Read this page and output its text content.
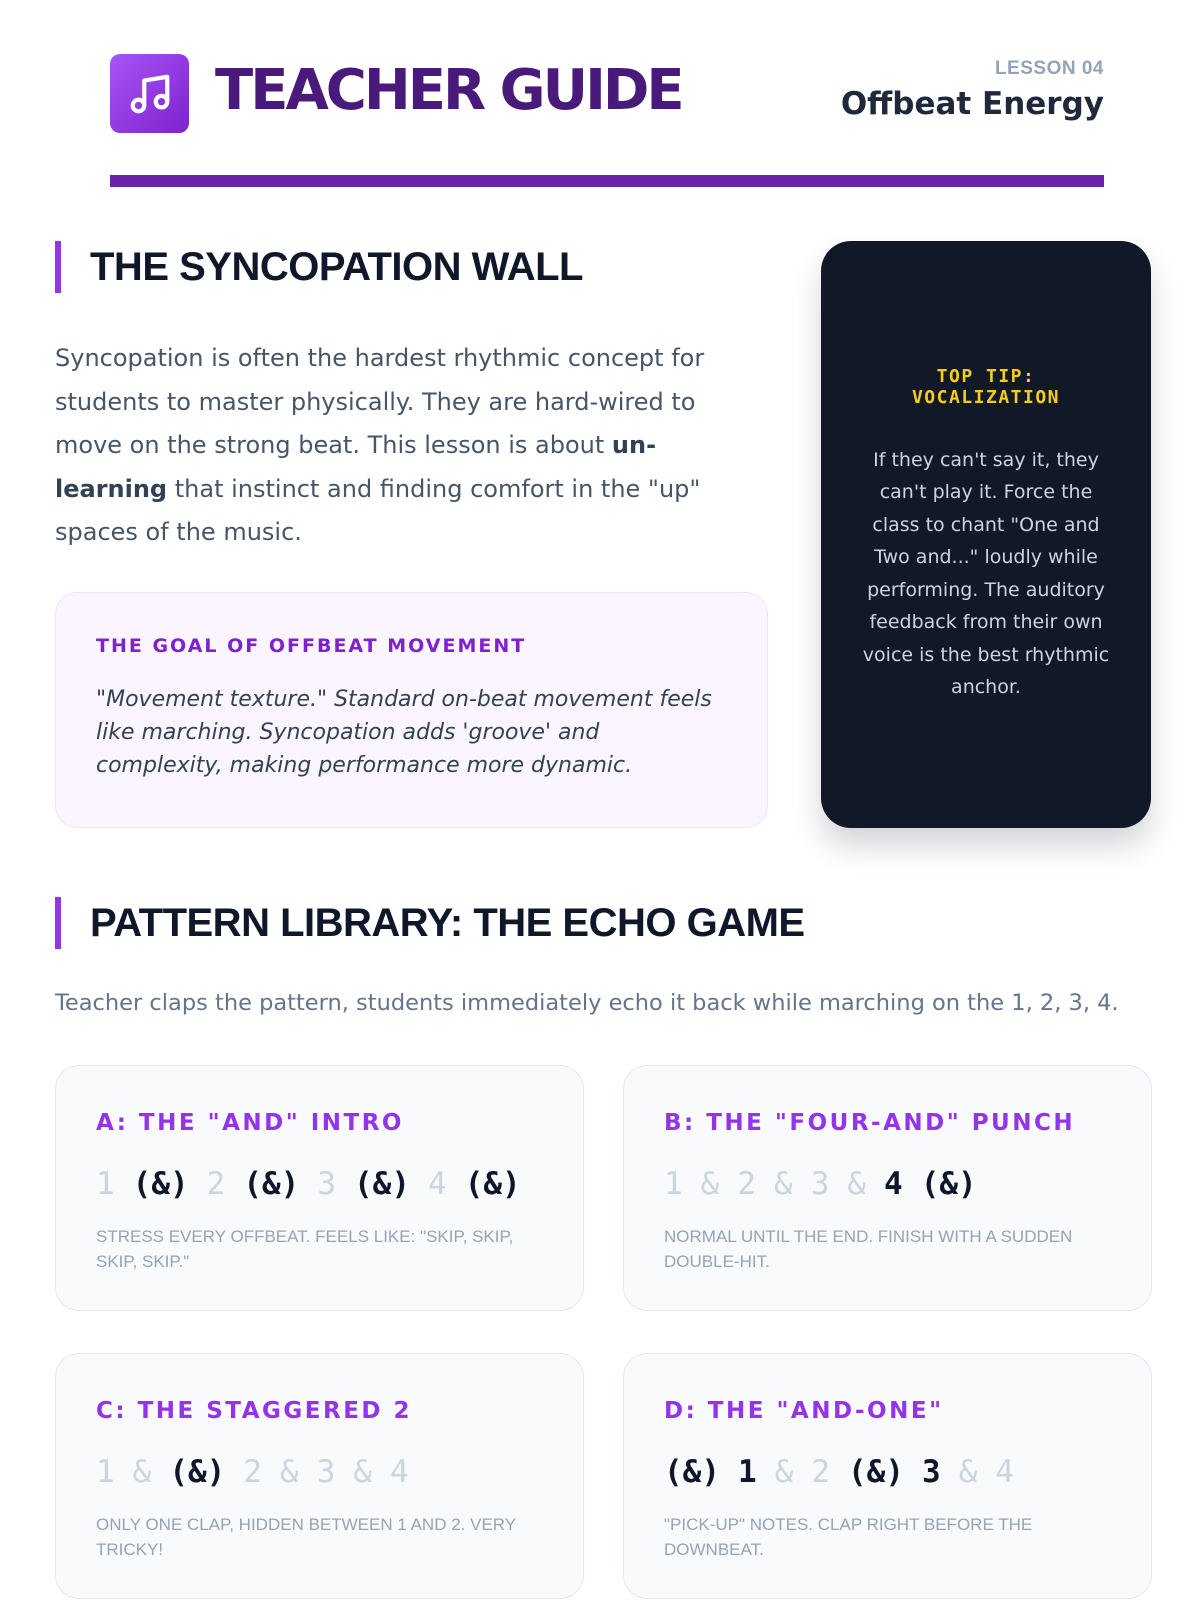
TEACHER GUIDE	LESSON 04
Offbeat Energy
THE SYNCOPATION WALL

Syncopation is often the hardest rhythmic concept for students to master physically. They are hard-wired to move on the strong beat. This lesson is about un-learning that instinct and finding comfort in the "up" spaces of the music.

THE GOAL OF OFFBEAT MOVEMENT
"Movement texture." Standard on-beat movement feels like marching. Syncopation adds 'groove' and complexity, making performance more dynamic.
TOP TIP: VOCALIZATION
If they can't say it, they can't play it. Force the class to chant "One and Two and..." loudly while performing. The auditory feedback from their own voice is the best rhythmic anchor.
PATTERN LIBRARY: THE ECHO GAME
Teacher claps the pattern, students immediately echo it back while marching on the 1, 2, 3, 4.
A: THE "AND" INTRO
1 (&) 2 (&) 3 (&) 4 (&)
STRESS EVERY OFFBEAT. FEELS LIKE: "SKIP, SKIP, SKIP, SKIP."
B: THE "FOUR-AND" PUNCH
1 & 2 & 3 & 4 (&)
NORMAL UNTIL THE END. FINISH WITH A SUDDEN DOUBLE-HIT.
C: THE STAGGERED 2
1 & (&) 2 & 3 & 4
ONLY ONE CLAP, HIDDEN BETWEEN 1 AND 2. VERY TRICKY!
D: THE "AND-ONE"
(&) 1 & 2 (&) 3 & 4
"PICK-UP" NOTES. CLAP RIGHT BEFORE THE DOWNBEAT.
